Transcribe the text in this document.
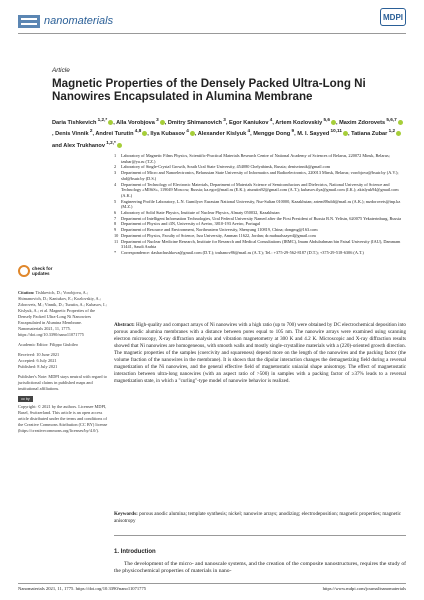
nanomaterials	MDPI
Article
Magnetic Properties of the Densely Packed Ultra-Long Ni Nanowires Encapsulated in Alumina Membrane
Daria Tishkevich $^{1,2,*}$, Alla Vorobjova $^3$, Dmitry Shimanovich $^3$, Egor Kaniukov $^4$, Artem Kozlovskiy $^{5,6}$, Maxim Zdorovets $^{5,6,7}$, Denis Vinnik $^2$, Andrei Turutin $^{4,8}$, Ilya Kubasov $^4$, Alexander Kislyuk $^4$, Mengge Dong $^9$, M. I. Sayyed $^{10,11}$, Tatiana Zubar $^{1,2}$ and Alex Trukhanov $^{1,2,*}$
1	Laboratory of Magnetic Films Physics, Scientific-Practical Materials Research Centre of National Academy of Sciences of Belarus, 220072 Minsk, Belarus; tzubar@ya.ru (T.Z.)
2	Laboratory of Single-Crystal Growth, South Ural State University, 454080 Chelyabinsk, Russia; denisvinnik@gmail.com
3	Department of Micro and Nanoelectronics, Belarusian State University of Informatics and Radioelectronics, 220013 Minsk, Belarus; vorobjova@bsuir.by (A.V.); shd@bsuir.by (D.S.)
4	Department of Technology of Electronic Materials, Department of Materials Science of Semiconductors and Dielectrics, National University of Science and Technology «MISiS», 119049 Moscow, Russia; ka.egor@mail.ru (E.K.); aturutin92@gmail.com (A.T.); kubasov.ilya@gmail.com (I.K.); akislyuk94@gmail.com (A.K.)
5	Engineering Profile Laboratory, L.N. Gumilyov Eurasian National University, Nur-Sultan 010000, Kazakhstan; artem88sddt@mail.ru (A.K.); mzdorovets@inp.kz (M.Z.)
6	Laboratory of Solid State Physics, Institute of Nuclear Physics, Almaty 050032, Kazakhstan
7	Department of Intelligent Information Technologies, Ural Federal University Named after the First President of Russia B.N. Yeltsin, 620075 Yekaterinburg, Russia
8	Department of Physics and i3N, University of Aveiro, 3810-193 Aveiro, Portugal
9	Department of Resource and Environment, Northeastern University, Shenyang 110819, China; dongmg@163.com
10 Department of Physics, Faculty of Science, Isra University, Amman 11622, Jordan; dr.mabualssayed@gmail.com
11 Department of Nuclear Medicine Research, Institute for Research and Medical Consultations (IRMC), Imam Abdulrahman bin Faisal University (IAU), Dammam 31441, Saudi Arabia
*	Correspondence: dashachushkova@gmail.com (D.T.); truhanov86@mail.ru (A.T.); Tel.: +375-29-562-8187 (D.T.); +375-29-518-6306 (A.T.)
check for
updates

Citation: Tishkevich, D.; Vorobjova, A.; Shimanovich, D.; Kaniukov, E.; Kozlovskiy, A.; Zdorovets, M.; Vinnik, D.; Turutin, A.; Kubasov, I.; Kislyuk, A.; et al. Magnetic Properties of the Densely Packed Ultra-Long Ni Nanowires Encapsulated in Alumina Membrane. Nanomaterials 2021, 11, 1775. https://doi.org/10.3390/nano11071775

Academic Editor: Filippo Giubileo

Received: 10 June 2021

Accepted: 6 July 2021

Published: 8 July 2021

Publisher's Note: MDPI stays neutral with regard to jurisdictional claims in published maps and institutional affiliations.

cc by

Copyright: © 2021 by the authors. Licensee MDPI, Basel, Switzerland. This article is an open access article distributed under the terms and conditions of the Creative Commons Attribution (CC BY) license (https://creativecommons.org/licenses/by/4.0/).

Abstract: High-quality and compact arrays of Ni nanowires with a high ratio (up to 700) were obtained by DC electrochemical deposition into porous anodic alumina membranes with a distance between pores equal to 105 nm. The nanowire arrays were examined using scanning electron microscopy, X-ray diffraction analysis and vibration magnetometry at 300 K and 4.2 K. Microscopic and X-ray diffraction results showed that Ni nanowires are homogeneous, with smooth walls and mostly single-crystalline materials with a (220)-oriented growth direction. The magnetic properties of the samples (coercivity and squareness) depend more on the length of the nanowires and the packing factor (the volume fraction of the nanowires in the membrane). It is shown that the dipolar interaction changes the demagnetizing field during a reversal magnetization of the Ni nanowires, and the general effective field of magnetostatic uniaxial shape anisotropy. The effect of magnetostatic interaction between ultra-long nanowires (with an aspect ratio of >500) in samples with a packing factor of ≥37% leads to a reversal magnetization state, in which a "curling"-type model of nanowire behavior is realized.

Keywords: porous anodic alumina; template synthesis; nickel; nanowire arrays; anodizing; electrodeposition; magnetic properties; magnetic anisotropy

1. Introduction

The development of the micro- and nanoscale systems, and the creation of the composite nanostructures, requires the study of the physicochemical properties of materials in nano-

Nanomaterials 2021, 11, 1775. https://doi.org/10.3390/nano11071775	https://www.mdpi.com/journal/nanomaterials
